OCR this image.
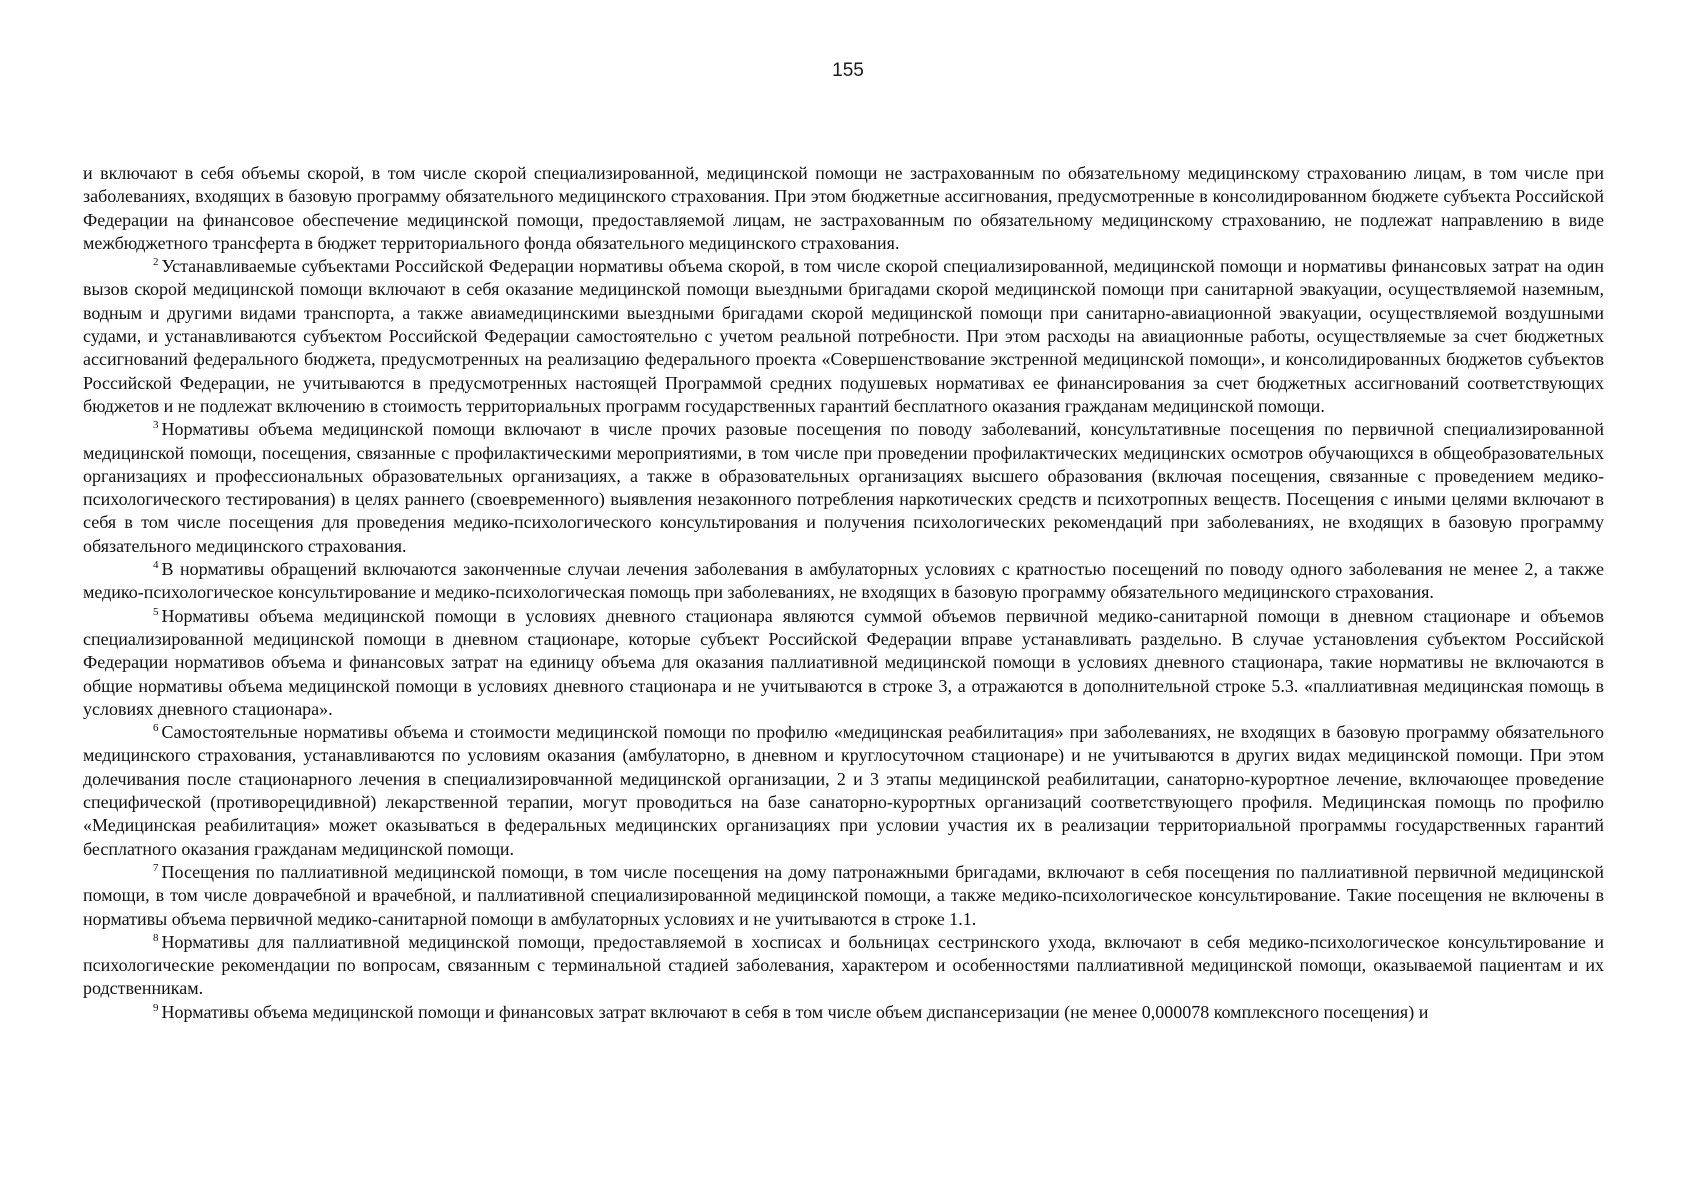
155

и включают в себя объемы скорой, в том числе скорой специализированной, медицинской помощи не застрахованным по обязательному медицинскому страхованию лицам, в том числе при заболеваниях, входящих в базовую программу обязательного медицинского страхования. При этом бюджетные ассигнования, предусмотренные в консолидированном бюджете субъекта Российской Федерации на финансовое обеспечение медицинской помощи, предоставляемой лицам, не застрахованным по обязательному медицинскому страхованию, не подлежат направлению в виде межбюджетного трансферта в бюджет территориального фонда обязательного медицинского страхования.

$^2$ Устанавливаемые субъектами Российской Федерации нормативы объема скорой, в том числе скорой специализированной, медицинской помощи и нормативы финансовых затрат на один вызов скорой медицинской помощи включают в себя оказание медицинской помощи выездными бригадами скорой медицинской помощи при санитарной эвакуации, осуществляемой наземным, водным и другими видами транспорта, а также авиамедицинскими выездными бригадами скорой медицинской помощи при санитарно-авиационной эвакуации, осуществляемой воздушными судами, и устанавливаются субъектом Российской Федерации самостоятельно с учетом реальной потребности. При этом расходы на авиационные работы, осуществляемые за счет бюджетных ассигнований федерального бюджета, предусмотренных на реализацию федерального проекта «Совершенствование экстренной медицинской помощи», и консолидированных бюджетов субъектов Российской Федерации, не учитываются в предусмотренных настоящей Программой средних подушевых нормативах ее финансирования за счет бюджетных ассигнований соответствующих бюджетов и не подлежат включению в стоимость территориальных программ государственных гарантий бесплатного оказания гражданам медицинской помощи.

$^3$ Нормативы объема медицинской помощи включают в числе прочих разовые посещения по поводу заболеваний, консультативные посещения по первичной специализированной медицинской помощи, посещения, связанные с профилактическими мероприятиями, в том числе при проведении профилактических медицинских осмотров обучающихся в общеобразовательных организациях и профессиональных образовательных организациях, а также в образовательных организациях высшего образования (включая посещения, связанные с проведением медико-психологического тестирования) в целях раннего (своевременного) выявления незаконного потребления наркотических средств и психотропных веществ. Посещения с иными целями включают в себя в том числе посещения для проведения медико-психологического консультирования и получения психологических рекомендаций при заболеваниях, не входящих в базовую программу обязательного медицинского страхования.

$^4$ В нормативы обращений включаются законченные случаи лечения заболевания в амбулаторных условиях с кратностью посещений по поводу одного заболевания не менее 2, а также медико-психологическое консультирование и медико-психологическая помощь при заболеваниях, не входящих в базовую программу обязательного медицинского страхования.

$^5$ Нормативы объема медицинской помощи в условиях дневного стационара являются суммой объемов первичной медико-санитарной помощи в дневном стационаре и объемов специализированной медицинской помощи в дневном стационаре, которые субъект Российской Федерации вправе устанавливать раздельно. В случае установления субъектом Российской Федерации нормативов объема и финансовых затрат на единицу объема для оказания паллиативной медицинской помощи в условиях дневного стационара, такие нормативы не включаются в общие нормативы объема медицинской помощи в условиях дневного стационара и не учитываются в строке 3, а отражаются в дополнительной строке 5.3. «паллиативная медицинская помощь в условиях дневного стационара».

$^6$ Самостоятельные нормативы объема и стоимости медицинской помощи по профилю «медицинская реабилитация» при заболеваниях, не входящих в базовую программу обязательного медицинского страхования, устанавливаются по условиям оказания (амбулаторно, в дневном и круглосуточном стационаре) и не учитываются в других видах медицинской помощи. При этом долечивания после стационарного лечения в специализировчанной медицинской организации, 2 и 3 этапы медицинской реабилитации, санаторно-курортное лечение, включающее проведение специфической (противорецидивной) лекарственной терапии, могут проводиться на базе санаторно-курортных организаций соответствующего профиля. Медицинская помощь по профилю «Медицинская реабилитация» может оказываться в федеральных медицинских организациях при условии участия их в реализации территориальной программы государственных гарантий бесплатного оказания гражданам медицинской помощи.

$^7$ Посещения по паллиативной медицинской помощи, в том числе посещения на дому патронажными бригадами, включают в себя посещения по паллиативной первичной медицинской помощи, в том числе доврачебной и врачебной, и паллиативной специализированной медицинской помощи, а также медико-психологическое консультирование. Такие посещения не включены в нормативы объема первичной медико-санитарной помощи в амбулаторных условиях и не учитываются в строке 1.1.

$^8$ Нормативы для паллиативной медицинской помощи, предоставляемой в хосписах и больницах сестринского ухода, включают в себя медико-психологическое консультирование и психологические рекомендации по вопросам, связанным с терминальной стадией заболевания, характером и особенностями паллиативной медицинской помощи, оказываемой пациентам и их родственникам.

$^9$ Нормативы объема медицинской помощи и финансовых затрат включают в себя в том числе объем диспансеризации (не менее 0,000078 комплексного посещения) и
